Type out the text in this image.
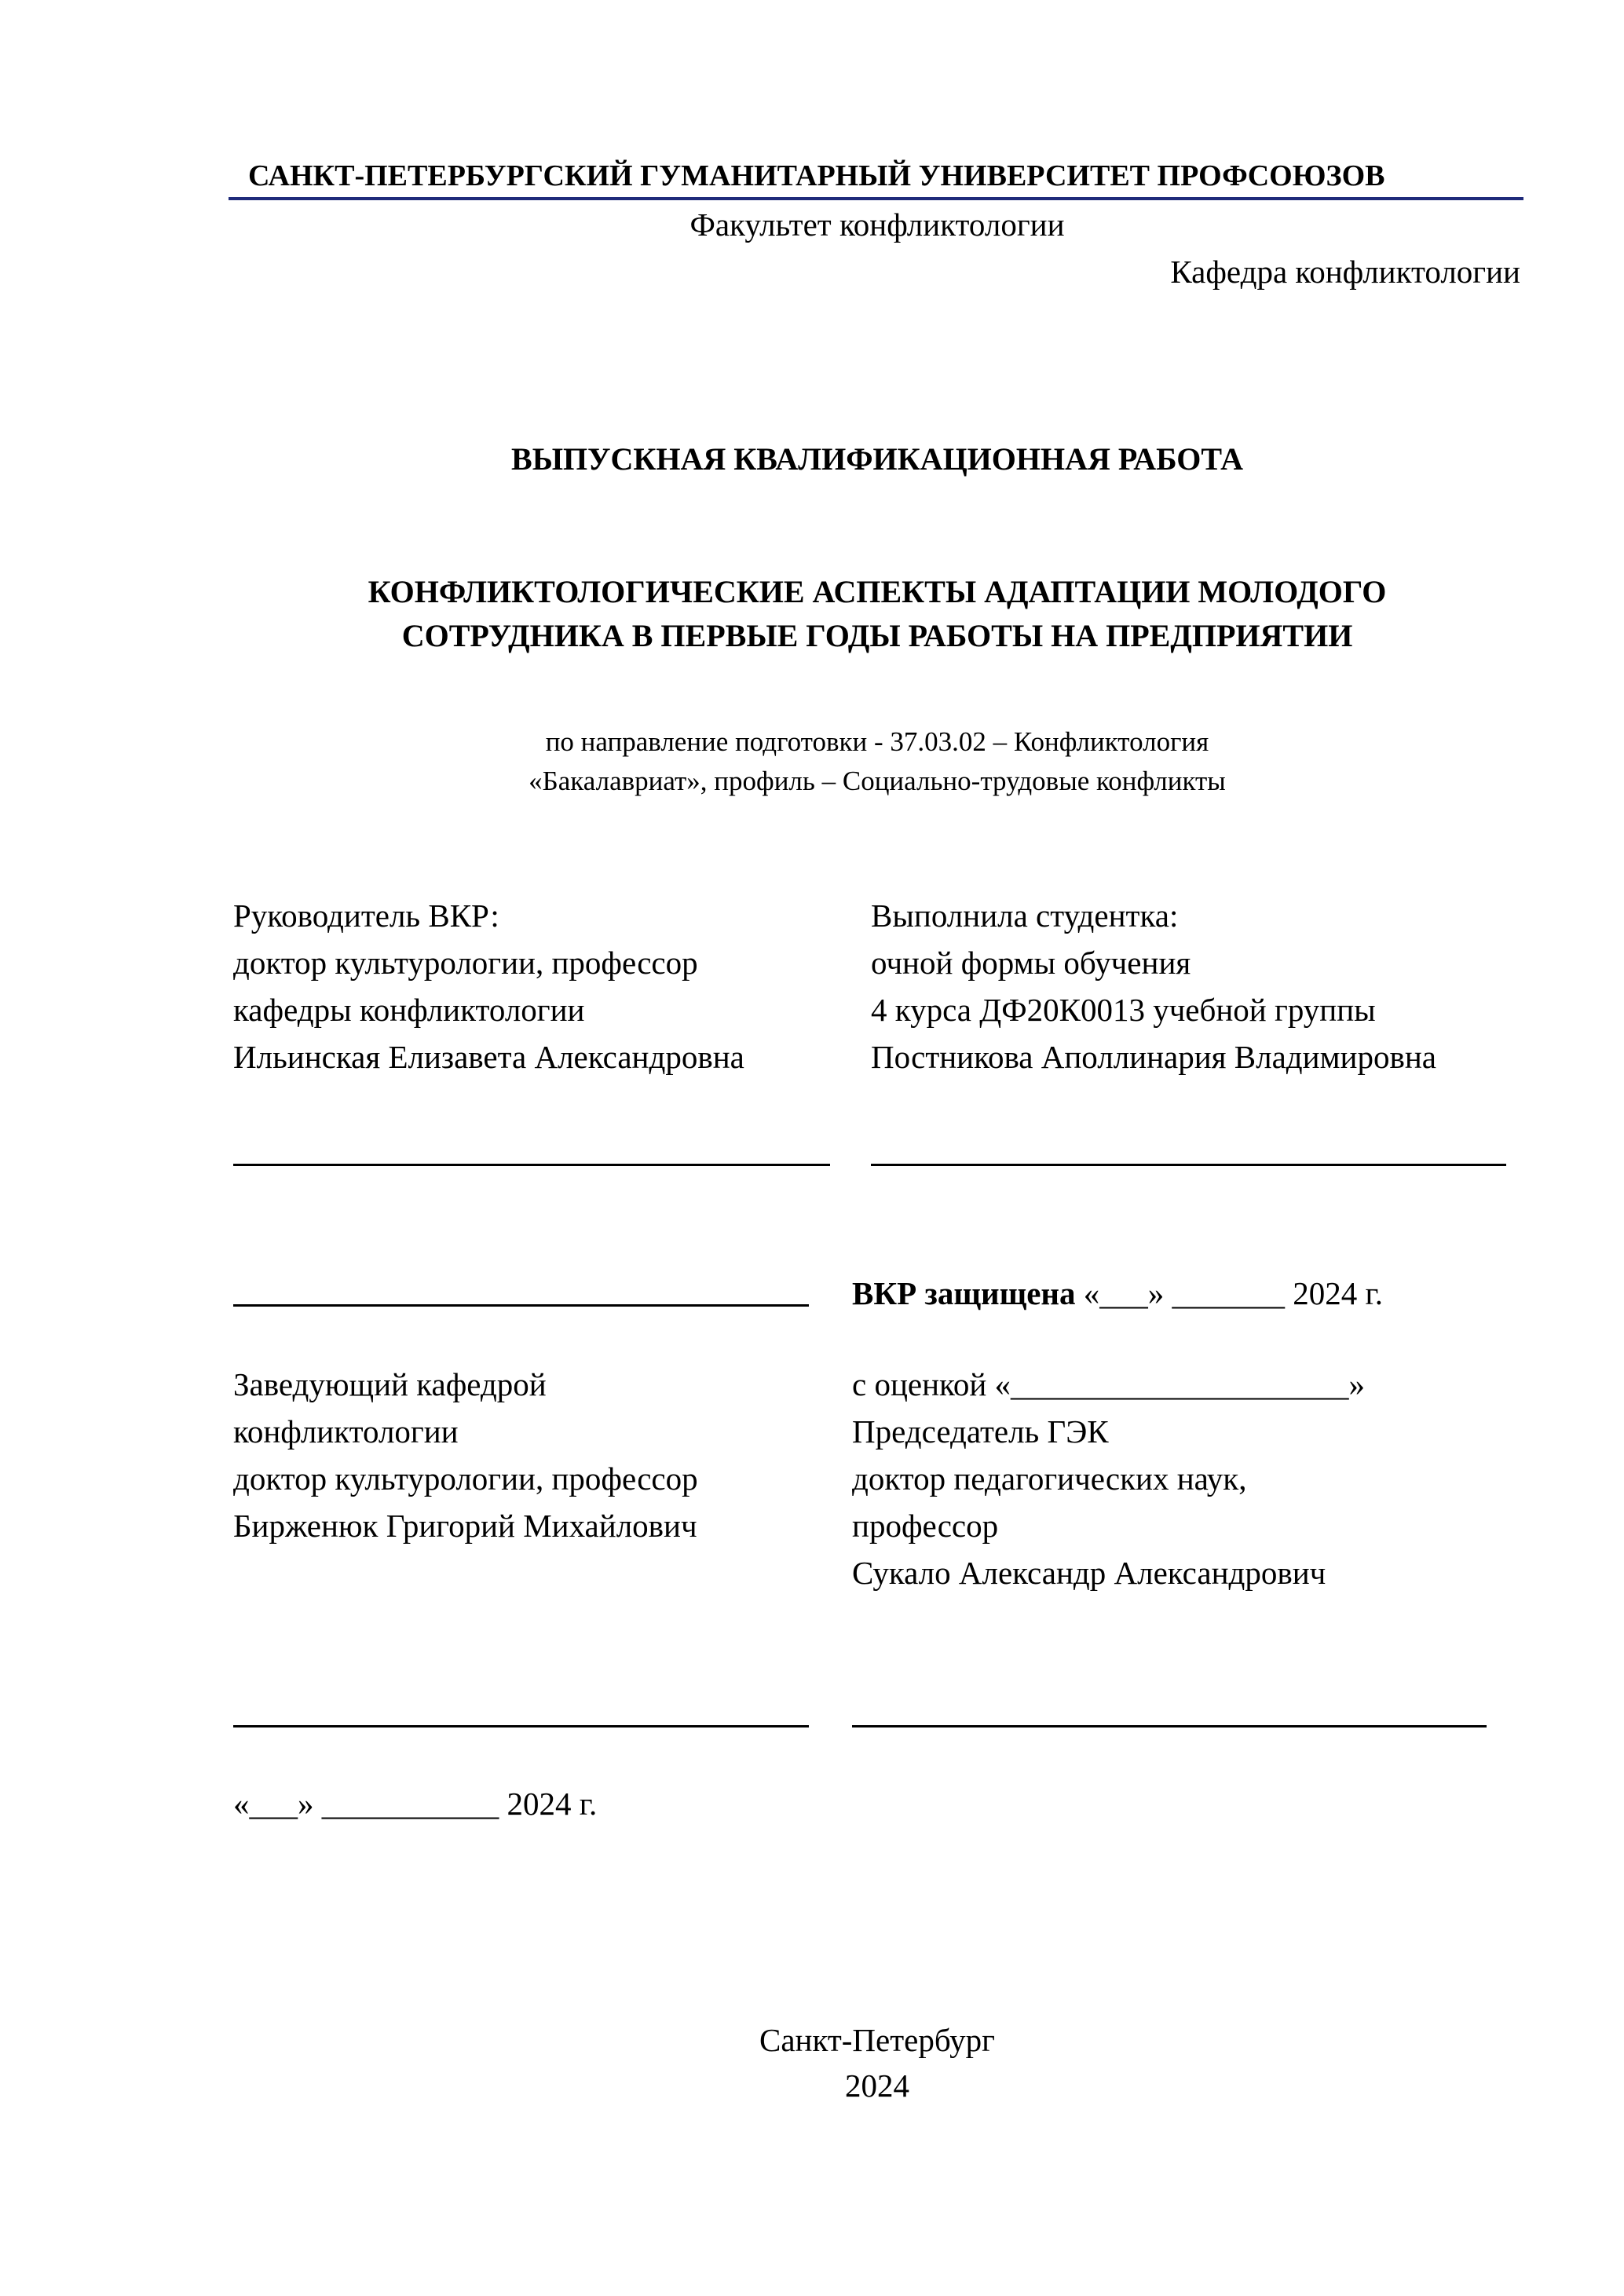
САНКТ-ПЕТЕРБУРГСКИЙ ГУМАНИТАРНЫЙ УНИВЕРСИТЕТ ПРОФСОЮЗОВ
Факультет конфликтологии
Кафедра конфликтологии
ВЫПУСКНАЯ КВАЛИФИКАЦИОННАЯ РАБОТА
КОНФЛИКТОЛОГИЧЕСКИЕ АСПЕКТЫ АДАПТАЦИИ МОЛОДОГО
СОТРУДНИКА В ПЕРВЫЕ ГОДЫ РАБОТЫ НА ПРЕДПРИЯТИИ
по направление подготовки - 37.03.02 – Конфликтология
«Бакалавриат», профиль – Социально-трудовые конфликты
Руководитель ВКР:
доктор культурологии, профессор
кафедры конфликтологии
Ильинская Елизавета Александровна
Выполнила студентка:
очной формы обучения
4 курса ДФ20К0013 учебной группы
Постникова Аполлинария Владимировна
ВКР защищена «___» _______ 2024 г.
Заведующий кафедрой
конфликтологии
доктор культурологии, профессор
Бирженюк Григорий Михайлович
с оценкой «_____________________»
Председатель ГЭК
доктор педагогических наук,
профессор
Сукало Александр Александрович
«___» ___________ 2024 г.
Санкт-Петербург
2024
